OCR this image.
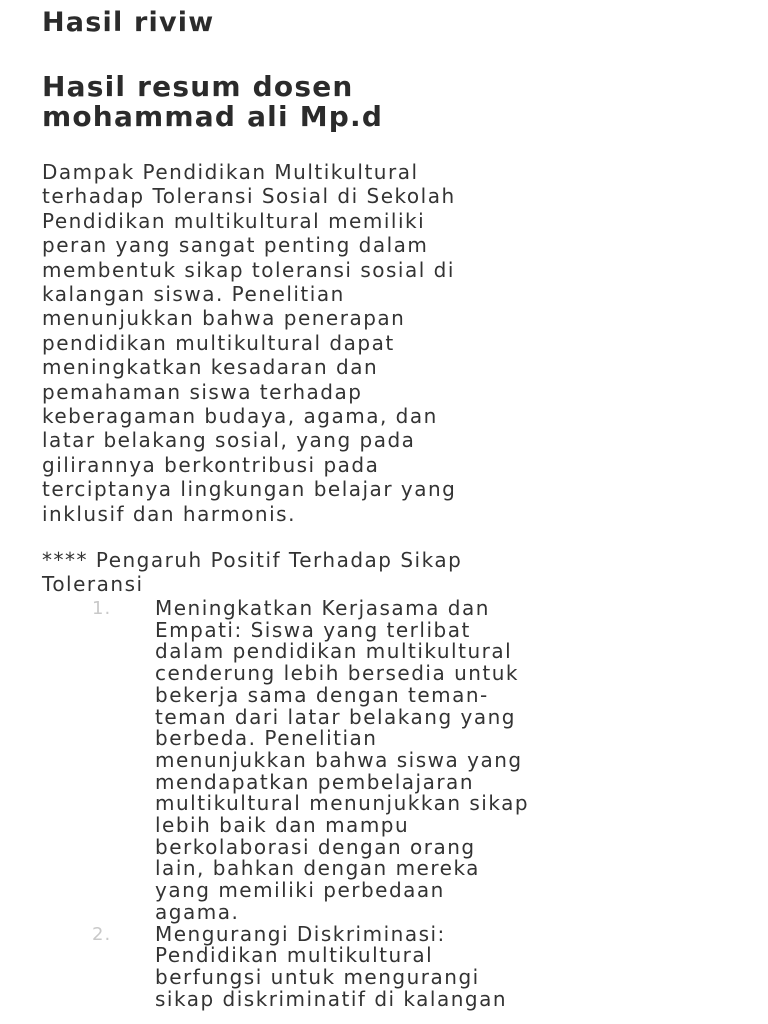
Hasil riviw
Hasil resum dosen
mohammad ali Mp.d

Dampak Pendidikan Multikultural
terhadap Toleransi Sosial di Sekolah
Pendidikan multikultural memiliki
peran yang sangat penting dalam
membentuk sikap toleransi sosial di
kalangan siswa. Penelitian
menunjukkan bahwa penerapan
pendidikan multikultural dapat
meningkatkan kesadaran dan
pemahaman siswa terhadap
keberagaman budaya, agama, dan
latar belakang sosial, yang pada
gilirannya berkontribusi pada
terciptanya lingkungan belajar yang
inklusif dan harmonis.

**** Pengaruh Positif Terhadap Sikap
Toleransi

1. Meningkatkan Kerjasama dan
Empati: Siswa yang terlibat
dalam pendidikan multikultural
cenderung lebih bersedia untuk
bekerja sama dengan teman-
teman dari latar belakang yang
berbeda. Penelitian
menunjukkan bahwa siswa yang
mendapatkan pembelajaran
multikultural menunjukkan sikap
lebih baik dan mampu
berkolaborasi dengan orang
lain, bahkan dengan mereka
yang memiliki perbedaan
agama.
2. Mengurangi Diskriminasi:
Pendidikan multikultural
berfungsi untuk mengurangi
sikap diskriminatif di kalangan
